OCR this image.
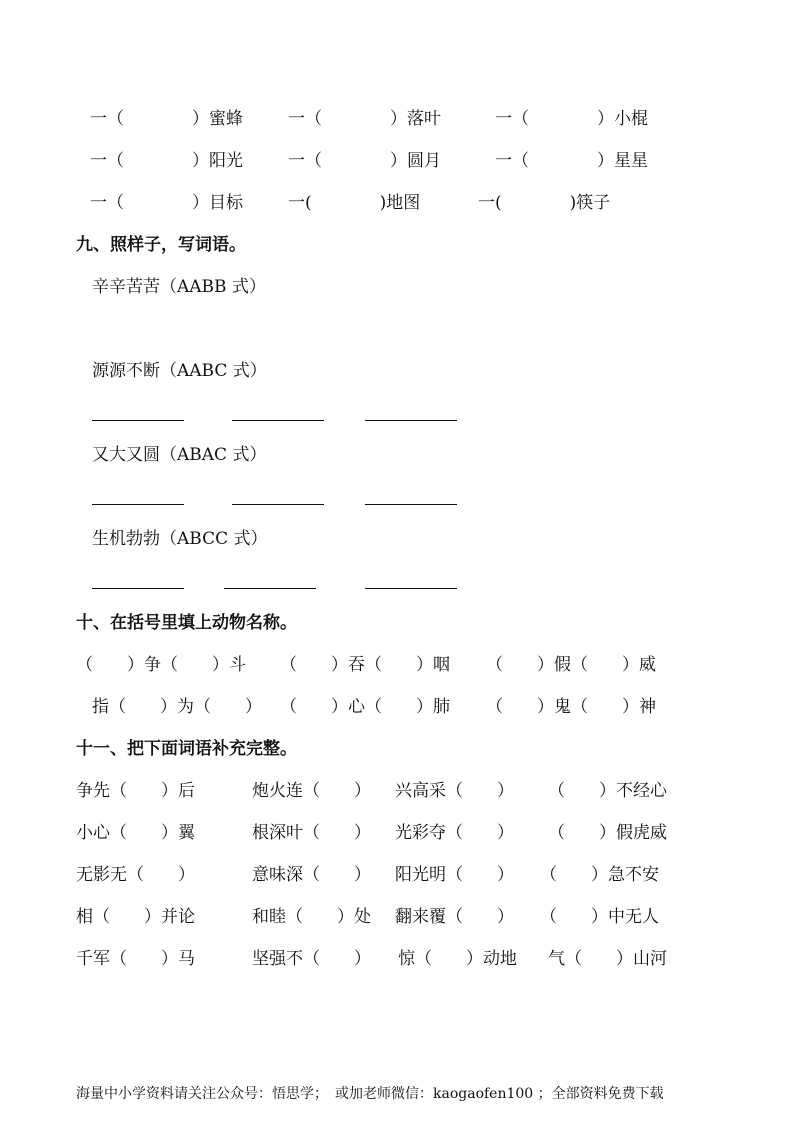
一（　　　　）蜜蜂	一（　　　　）落叶	一（　　　　）小棍
一（　　　　）阳光	一（　　　　）圆月	一（　　　　）星星
一（　　　　）目标	一(　　　　)地图	一(　　　　)筷子
九、照样子，写词语。
辛辛苦苦（AABB 式）
源源不断（AABC 式）
又大又圆（ABAC 式）
生机勃勃（ABCC 式）
十、在括号里填上动物名称。
（　　）争（　　）斗 （　　）吞（　　）咽 （　　）假（　　）威
指（　　）为（　　） （　　）心（　　）肺 （　　）鬼（　　）神
十一、把下面词语补充完整。
争先（　　）后	炮火连（　　） 兴高采（　　） （　　）不经心
小心（　　）翼	根深叶（　　） 光彩夺（　　） （　　）假虎威
无影无（　　）	意味深（　　） 阳光明（　　） （　　）急不安
相（　　）并论	和睦（　　）处 翻来覆（　　） （　　）中无人
千军（　　）马	坚强不（　　） 惊（　　）动地 气（　　）山河
海量中小学资料请关注公众号：悟思学；　或加老师微信：kaogaofen100 ；全部资料免费下载
